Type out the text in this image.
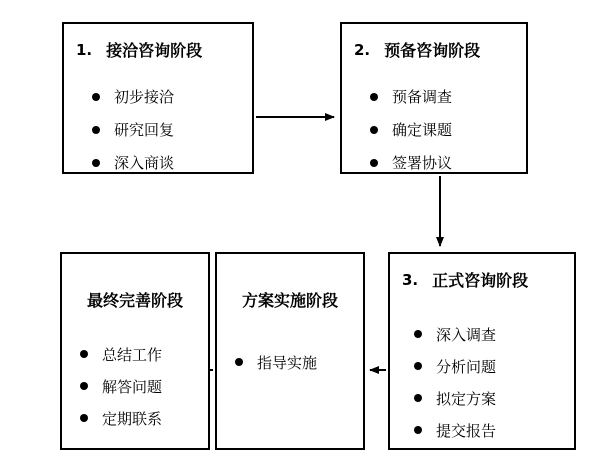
1. 接洽咨询阶段
初步接洽
研究回复
深入商谈
2. 预备咨询阶段
预备调查
确定课题
签署协议
3. 正式咨询阶段
深入调查
分析问题
拟定方案
提交报告
方案实施阶段
指导实施
最终完善阶段
总结工作
解答问题
定期联系
